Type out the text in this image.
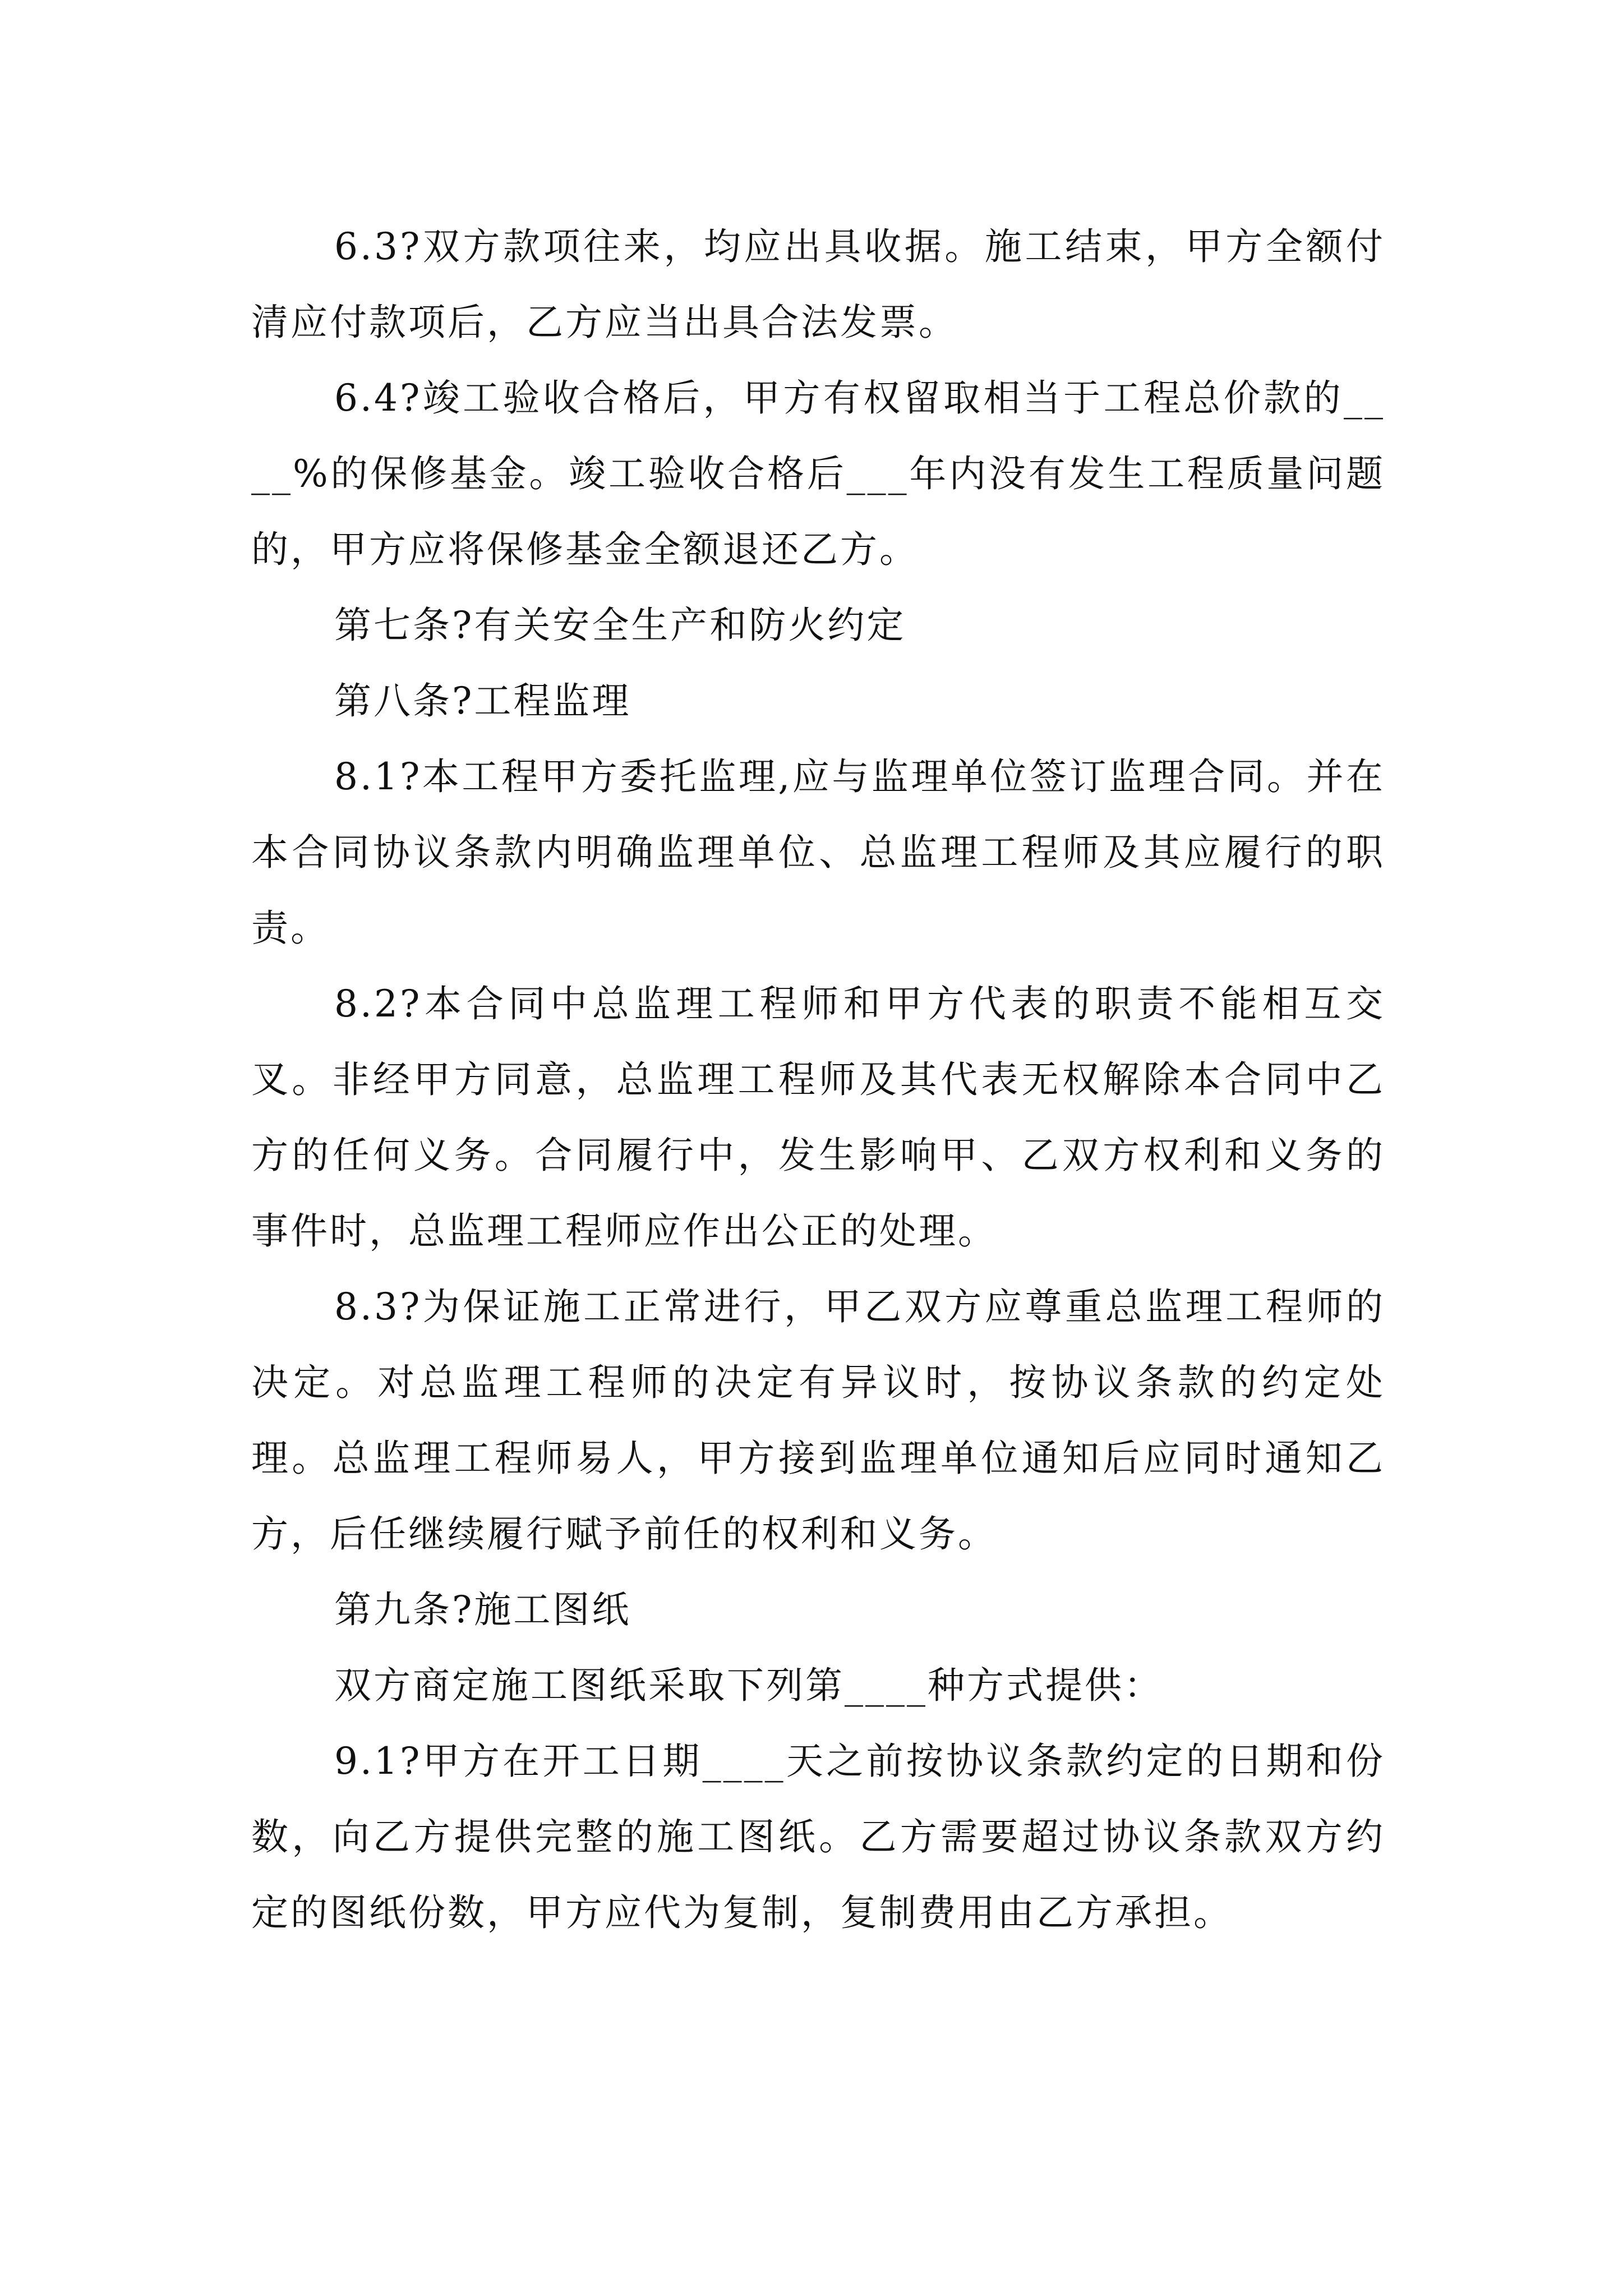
6.3?双方款项往来，均应出具收据。施工结束，甲方全额付清应付款项后，乙方应当出具合法发票。

6.4?竣工验收合格后，甲方有权留取相当于工程总价款的____%的保修基金。竣工验收合格后___年内没有发生工程质量问题的，甲方应将保修基金全额退还乙方。

第七条?有关安全生产和防火约定

第八条?工程监理

8.1?本工程甲方委托监理,应与监理单位签订监理合同。并在本合同协议条款内明确监理单位、总监理工程师及其应履行的职责。

8.2?本合同中总监理工程师和甲方代表的职责不能相互交叉。非经甲方同意，总监理工程师及其代表无权解除本合同中乙方的任何义务。合同履行中，发生影响甲、乙双方权利和义务的事件时，总监理工程师应作出公正的处理。

8.3?为保证施工正常进行，甲乙双方应尊重总监理工程师的决定。对总监理工程师的决定有异议时，按协议条款的约定处理。总监理工程师易人，甲方接到监理单位通知后应同时通知乙方，后任继续履行赋予前任的权利和义务。

第九条?施工图纸

双方商定施工图纸采取下列第____种方式提供：

9.1?甲方在开工日期____天之前按协议条款约定的日期和份数，向乙方提供完整的施工图纸。乙方需要超过协议条款双方约定的图纸份数，甲方应代为复制，复制费用由乙方承担。
